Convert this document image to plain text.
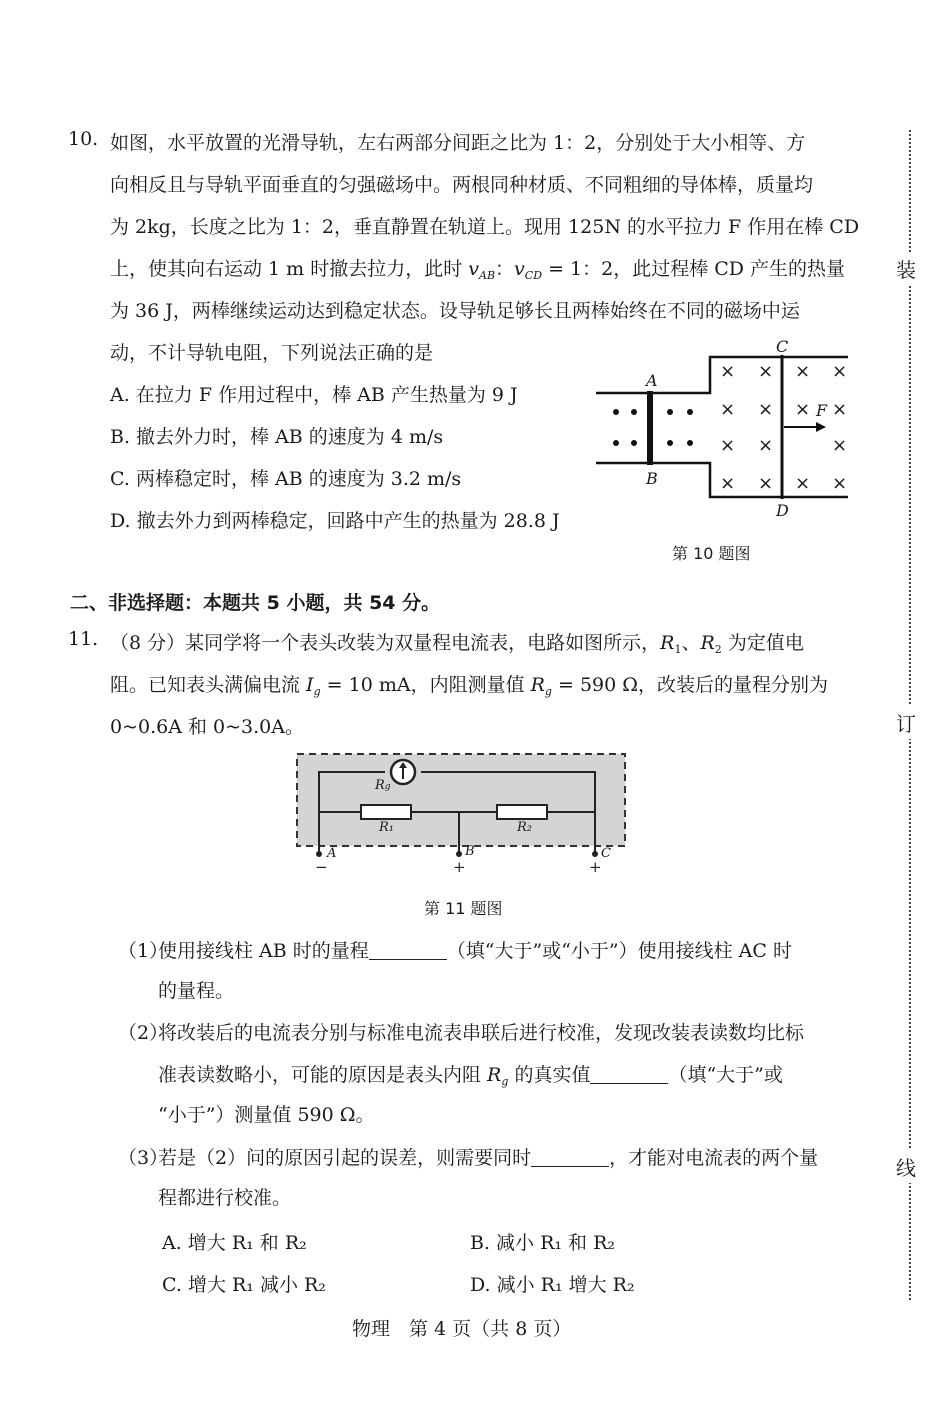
装
订
线
10. 如图，水平放置的光滑导轨，左右两部分间距之比为 1：2，分别处于大小相等、方
向相反且与导轨平面垂直的匀强磁场中。两根同种材质、不同粗细的导体棒，质量均
为 2kg，长度之比为 1：2，垂直静置在轨道上。现用 125N 的水平拉力 F 作用在棒 CD
上，使其向右运动 1 m 时撤去拉力，此时 $v_{AB}$：$v_{CD} = 1$：2，此过程棒 CD 产生的热量
为 36 J，两棒继续运动达到稳定状态。设导轨足够长且两棒始终在不同的磁场中运
动，不计导轨电阻，下列说法正确的是
A. 在拉力 F 作用过程中，棒 AB 产生热量为 9 J
B. 撤去外力时，棒 AB 的速度为 4 m/s
C. 两棒稳定时，棒 AB 的速度为 3.2 m/s
D. 撤去外力到两棒稳定，回路中产生的热量为 28.8 J
× × × ×
× × × ×
× ×	×
× × × ×
F
A
B
C
D
第 10 题图
二、非选择题：本题共 5 小题，共 54 分。
11. （8 分）某同学将一个表头改装为双量程电流表，电路如图所示，$R_1$、$R_2$ 为定值电
阻。已知表头满偏电流 $I_g = 10$ mA，内阻测量值 $R_g = 590$ Ω，改装后的量程分别为
0~0.6A 和 0~3.0A。
Rg
R₁	R₂
A	B	C
−	+	+
第 11 题图
（1）
使用接线柱 AB 时的量程	（填“大于”或“小于”）使用接线柱 AC 时
的量程。
（2）
将改装后的电流表分别与标准电流表串联后进行校准，发现改装表读数均比标
准表读数略小，可能的原因是表头内阻 $R_g$ 的真实值	（填“大于”或
“小于”）测量值 590 Ω。
（3）
若是（2）问的原因引起的误差，则需要同时	，才能对电流表的两个量
程都进行校准。
A. 增大 R₁ 和 R₂	B. 减小 R₁ 和 R₂
C. 增大 R₁ 减小 R₂	D. 减小 R₁ 增大 R₂
物理　第 4 页（共 8 页）
